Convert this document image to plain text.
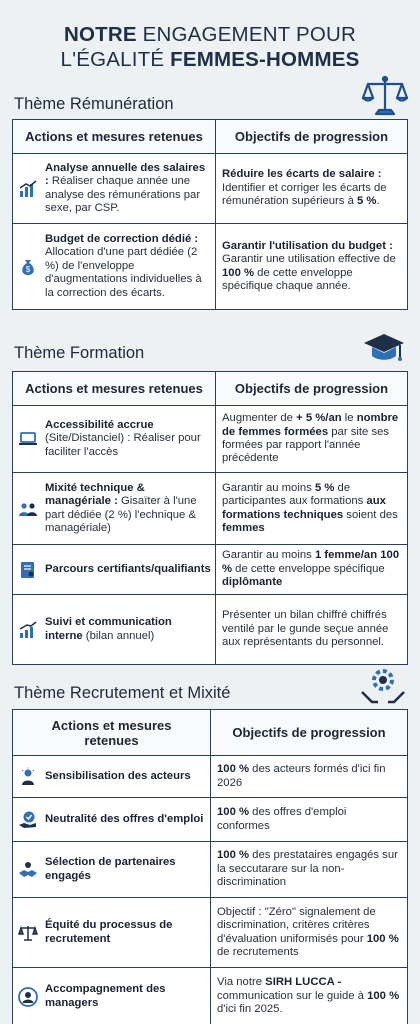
NOTRE ENGAGEMENT POUR
L'ÉGALITÉ FEMMES-HOMMES
Thème Rémunération
Actions et mesures retenues	Objectifs de progression

Analyse annuelle des salaires : Réaliser chaque année une analyse des rémunérations par sexe, par CSP.	Réduire les écarts de salaire : Identifier et corriger les écarts de rémunération supérieurs à 5 %.

$
Budget de correction dédié : Allocation d'une part dédiée (2 %) de l'enveloppe d'augmentations individuelles à la correction des écarts.	Garantir l'utilisation du budget : Garantir une utilisation effective de 100 % de cette enveloppe spécifique chaque année.
Thème Formation
Actions et mesures retenues	Objectifs de progression

Accessibilité accrue (Site/Distanciel) : Réaliser pour faciliter l'accès	Augmenter de + 5 %/an le nombre de femmes formées par site ses formées par rapport l'année précédente

Mixité technique & managériale : Gisaïter à l'une part dédiée (2 %) l'echnique & managériale)	Garantir au moins 5 % de participantes aux formations aux formations techniques soient des femmes

Parcours certifiants/qualifiants	Garantir au moins 1 femme/an 100 % de cette enveloppe spécifique diplômante

Suivi et communication interne (bilan annuel)	Présenter un bilan chiffré chiffrés ventilé par le gunde seçue année aux représentants du personnel.
Thème Recrutement et Mixité
Actions et mesures retenues	Objectifs de progression

Sensibilisation des acteurs	100 % des acteurs formés d'ici fin 2026

Neutralité des offres d'emploi	100 % des offres d'emploi conformes

Sélection de partenaires engagés	100 % des prestataires engagés sur la seccutarare sur la non-discrimination

Équité du processus de recrutement	Objectif : "Zéro" signalement de discrimination, critères critères d'évaluation uniformisés pour 100 % de recrutements

Accompagnement des managers	Via notre SIRH LUCCA - communication sur le guide à 100 % d'ici fin 2025.
